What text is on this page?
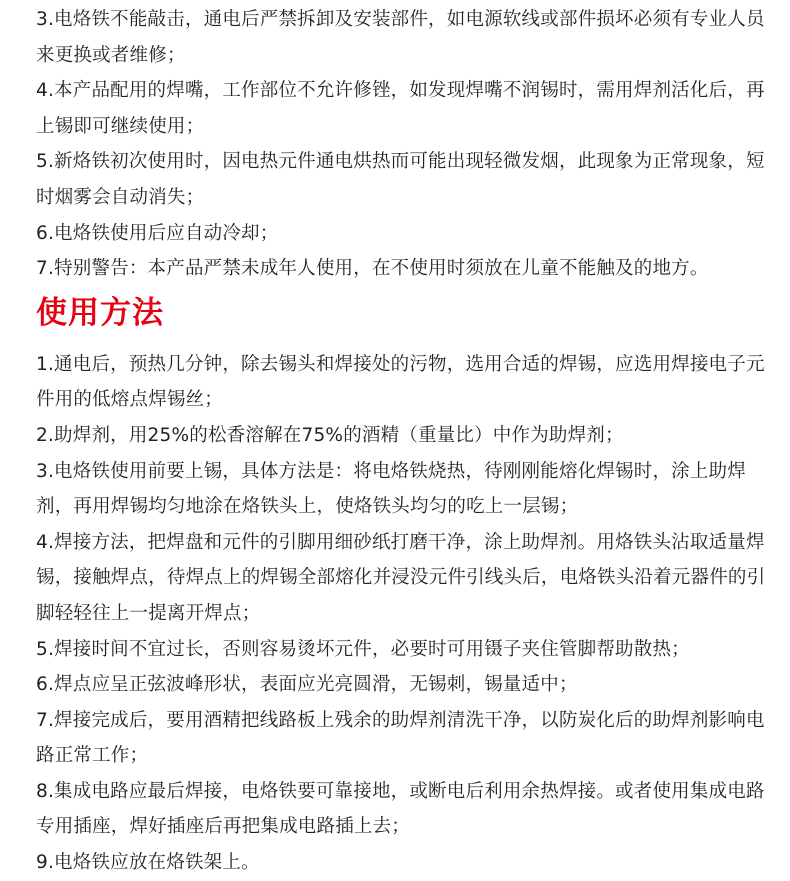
3.电烙铁不能敲击，通电后严禁拆卸及安装部件，如电源软线或部件损坏必须有专业人员来更换或者维修；

4.本产品配用的焊嘴，工作部位不允许修锉，如发现焊嘴不润锡时，需用焊剂活化后，再上锡即可继续使用；

5.新烙铁初次使用时，因电热元件通电烘热而可能出现轻微发烟，此现象为正常现象，短时烟雾会自动消失；

6.电烙铁使用后应自动冷却；

7.特别警告：本产品严禁未成年人使用，在不使用时须放在儿童不能触及的地方。

使用方法

1.通电后，预热几分钟，除去锡头和焊接处的污物，选用合适的焊锡，应选用焊接电子元件用的低熔点焊锡丝；

2.助焊剂，用25%的松香溶解在75%的酒精（重量比）中作为助焊剂；

3.电烙铁使用前要上锡，具体方法是：将电烙铁烧热，待刚刚能熔化焊锡时，涂上助焊剂，再用焊锡均匀地涂在烙铁头上，使烙铁头均匀的吃上一层锡；

4.焊接方法，把焊盘和元件的引脚用细砂纸打磨干净，涂上助焊剂。用烙铁头沾取适量焊锡，接触焊点，待焊点上的焊锡全部熔化并浸没元件引线头后，电烙铁头沿着元器件的引脚轻轻往上一提离开焊点；

5.焊接时间不宜过长，否则容易烫坏元件，必要时可用镊子夹住管脚帮助散热；

6.焊点应呈正弦波峰形状，表面应光亮圆滑，无锡刺，锡量适中；

7.焊接完成后，要用酒精把线路板上残余的助焊剂清洗干净，以防炭化后的助焊剂影响电路正常工作；

8.集成电路应最后焊接，电烙铁要可靠接地，或断电后利用余热焊接。或者使用集成电路专用插座，焊好插座后再把集成电路插上去；

9.电烙铁应放在烙铁架上。
